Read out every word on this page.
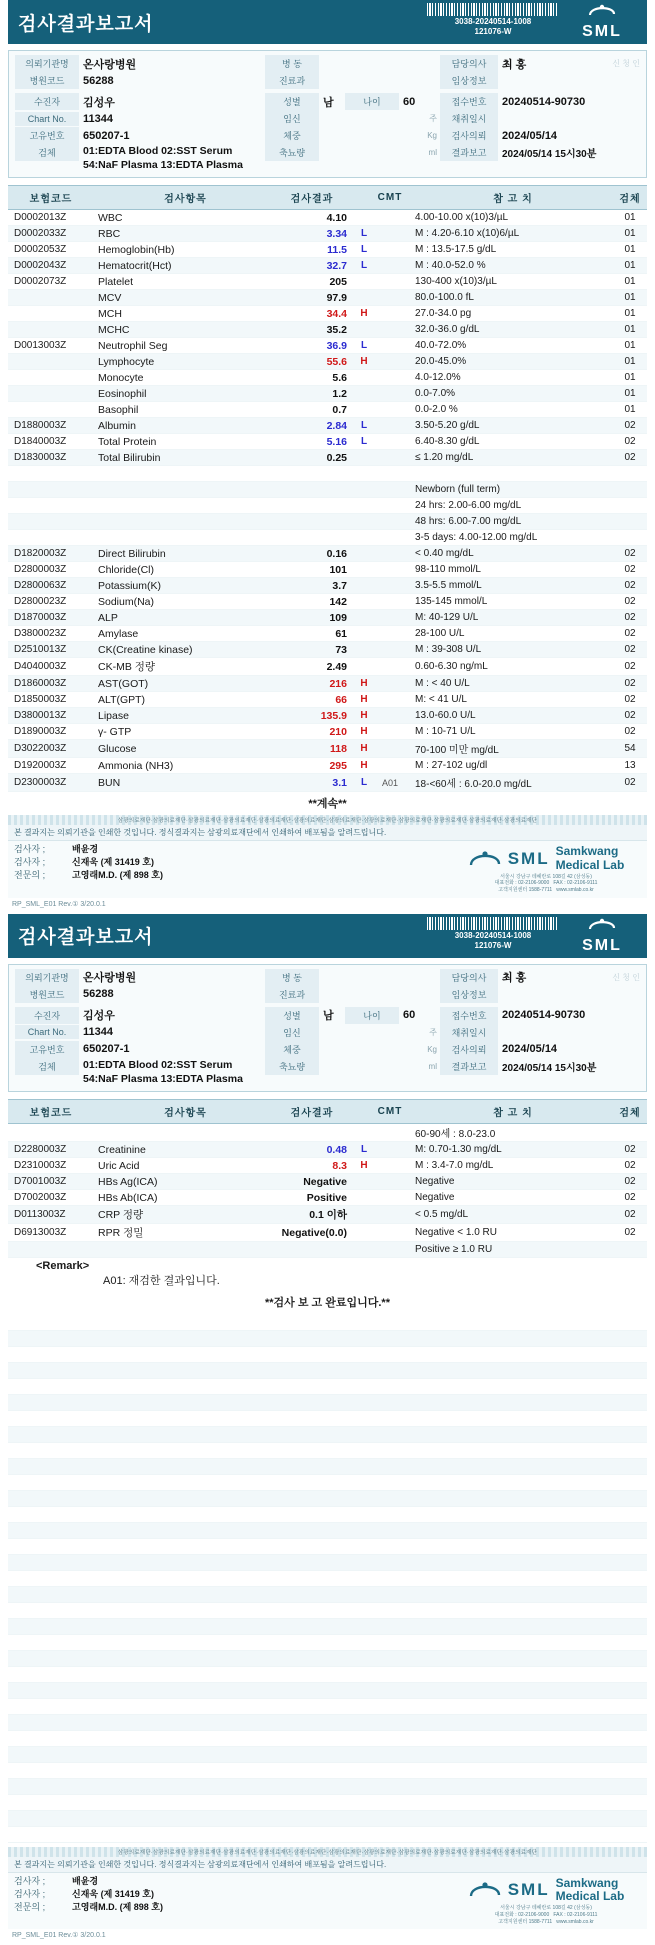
검사결과보고서	3038-20240514-1008
121076-W	SML
의뢰기관명	온사랑병원
병원코드	56288
수진자	김성우
Chart No.	11344
고유번호	650207-1
검체	01:EDTA Blood 02:SST Serum
54:NaF Plasma 13:EDTA Plasma
병 동
진료과
성별	남	나이	60
임신	주
체중	Kg
축뇨량	ml
담당의사	최 홍	신 청 인
임상정보
접수번호	20240514-90730
채취일시
검사의뢰	2024/05/14
결과보고	2024/05/14 15시30분
보험코드	검사항목	검사결과		CMT	참 고 치	검체
D0002013Z	WBC	4.10			4.00-10.00 x(10)3/µL	01
D0002033Z	RBC	3.34	L		M : 4.20-6.10 x(10)6/µL	01
D0002053Z	Hemoglobin(Hb)	11.5	L		M : 13.5-17.5 g/dL	01
D0002043Z	Hematocrit(Hct)	32.7	L		M : 40.0-52.0 %	01
D0002073Z	Platelet	205			130-400 x(10)3/µL	01
	MCV	97.9			80.0-100.0 fL	01
	MCH	34.4	H		27.0-34.0 pg	01
	MCHC	35.2			32.0-36.0 g/dL	01
D0013003Z	Neutrophil Seg	36.9	L		40.0-72.0%	01
	Lymphocyte	55.6	H		20.0-45.0%	01
	Monocyte	5.6			4.0-12.0%	01
	Eosinophil	1.2			0.0-7.0%	01
	Basophil	0.7			0.0-2.0 %	01
D1880003Z	Albumin	2.84	L		3.50-5.20 g/dL	02
D1840003Z	Total Protein	5.16	L		6.40-8.30 g/dL	02
D1830003Z	Total Bilirubin	0.25			≤ 1.20 mg/dL	02

					Newborn (full term)	
					24 hrs: 2.00-6.00 mg/dL	
					48 hrs: 6.00-7.00 mg/dL	
					3-5 days: 4.00-12.00 mg/dL	
D1820003Z	Direct Bilirubin	0.16			< 0.40 mg/dL	02
D2800003Z	Chloride(Cl)	101			98-110 mmol/L	02
D2800063Z	Potassium(K)	3.7			3.5-5.5 mmol/L	02
D2800023Z	Sodium(Na)	142			135-145 mmol/L	02
D1870003Z	ALP	109			M: 40-129 U/L	02
D3800023Z	Amylase	61			28-100 U/L	02
D2510013Z	CK(Creatine kinase)	73			M : 39-308 U/L	02
D4040003Z	CK-MB 정량	2.49			0.60-6.30 ng/mL	02
D1860003Z	AST(GOT)	216	H		M : < 40 U/L	02
D1850003Z	ALT(GPT)	66	H		M: < 41 U/L	02
D3800013Z	Lipase	135.9	H		13.0-60.0 U/L	02
D1890003Z	γ- GTP	210	H		M : 10-71 U/L	02
D3022003Z	Glucose	118	H		70-100 미만 mg/dL	54
D1920003Z	Ammonia (NH3)	295	H		M : 27-102 ug/dl	13
D2300003Z	BUN	3.1	L	A01	18-<60세 : 6.0-20.0 mg/dL	02
**계속**
삼광의료재단·삼광의료재단·삼광의료재단·삼광의료재단·삼광의료재단·삼광의료재단·삼광의료재단·삼광의료재단·삼광의료재단·삼광의료재단·삼광의료재단·삼광의료재단
본 결과지는 의뢰기관을 인쇄한 것입니다. 정식결과지는 삼광의료재단에서 인쇄하여 배포됨을 알려드립니다.
검사자 ;	배윤경
검사자 ;	신재욱 (제 31419 호)
전문의 ;	고영래M.D. (제 898 호)
SML Samkwang
Medical Lab
서울시 강남구 테헤란로 108길 42 (삼성동)
대표전화 : 02-2106-9000   FAX : 02-2106-9111
고객지원센터 1588-7711   www.smlab.co.kr
RP_SML_E01 Rev.① 3/20.0.1
검사결과보고서	3038-20240514-1008
121076-W	SML
의뢰기관명	온사랑병원
병원코드	56288
수진자	김성우
Chart No.	11344
고유번호	650207-1
검체	01:EDTA Blood 02:SST Serum
54:NaF Plasma 13:EDTA Plasma
병 동
진료과
성별	남	나이	60
임신	주
체중	Kg
축뇨량	ml
담당의사	최 홍	신 청 인
임상정보
접수번호	20240514-90730
채취일시
검사의뢰	2024/05/14
결과보고	2024/05/14 15시30분
보험코드	검사항목	검사결과		CMT	참 고 치	검체
					60-90세 : 8.0-23.0	
D2280003Z	Creatinine	0.48	L		M: 0.70-1.30 mg/dL	02
D2310003Z	Uric Acid	8.3	H		M : 3.4-7.0 mg/dL	02
D7001003Z	HBs Ag(ICA)	Negative			Negative	02
D7002003Z	HBs Ab(ICA)	Positive			Negative	02
D0113003Z	CRP 정량	0.1 이하			< 0.5 mg/dL	02
D6913003Z	RPR 정밀	Negative(0.0)			Negative < 1.0 RU	02
					Positive ≥ 1.0 RU	
<Remark>
A01: 재검한 결과입니다.
**검사 보 고 완료입니다.**

삼광의료재단·삼광의료재단·삼광의료재단·삼광의료재단·삼광의료재단·삼광의료재단·삼광의료재단·삼광의료재단·삼광의료재단·삼광의료재단·삼광의료재단·삼광의료재단
본 결과지는 의뢰기관을 인쇄한 것입니다. 정식결과지는 삼광의료재단에서 인쇄하여 배포됨을 알려드립니다.
검사자 ;	배윤경
검사자 ;	신재욱 (제 31419 호)
전문의 ;	고영래M.D. (제 898 호)
SML Samkwang
Medical Lab
서울시 강남구 테헤란로 108길 42 (삼성동)
대표전화 : 02-2106-9000   FAX : 02-2106-9111
고객지원센터 1588-7711   www.smlab.co.kr
RP_SML_E01 Rev.① 3/20.0.1
